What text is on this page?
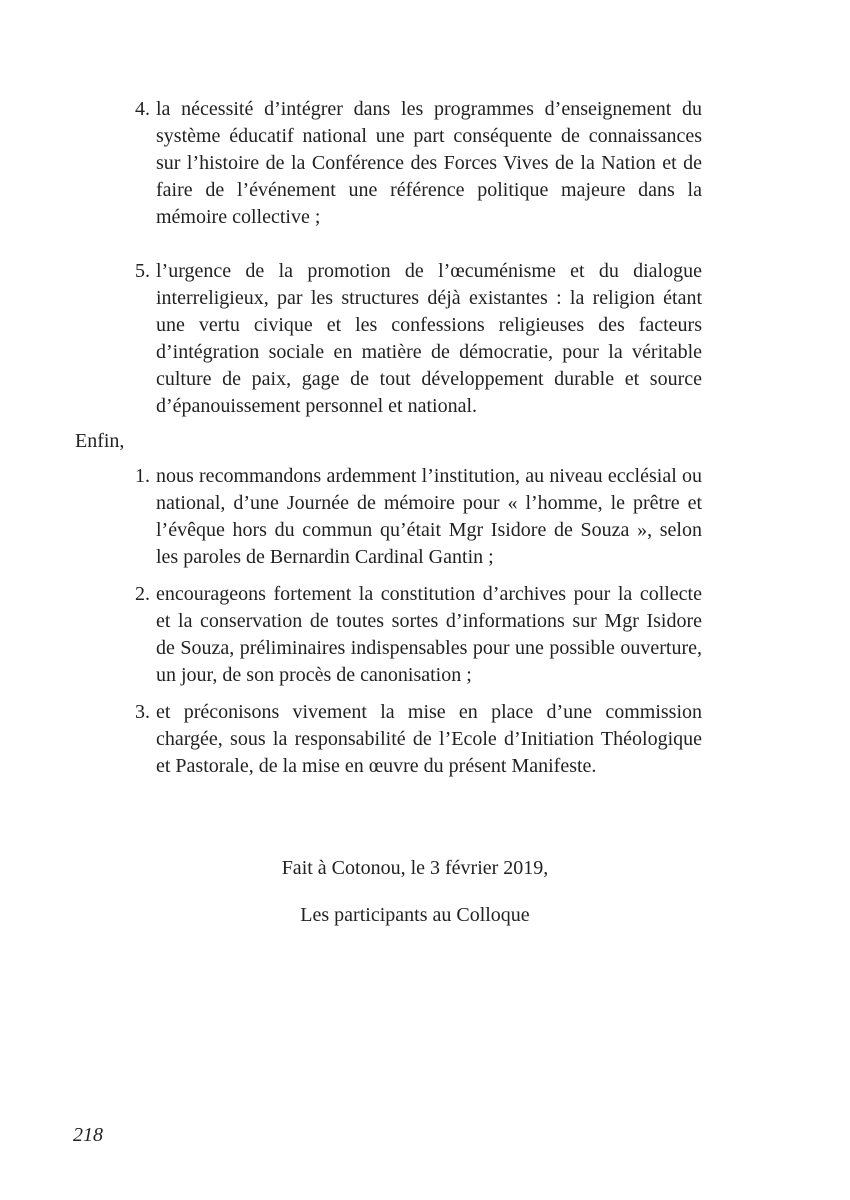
4. la nécessité d’intégrer dans les programmes d’enseignement du système éducatif national une part conséquente de connaissances sur l’histoire de la Conférence des Forces Vives de la Nation et de faire de l’événement une référence politique majeure dans la mémoire collective ;
5. l’urgence de la promotion de l’œcuménisme et du dialogue interreligieux, par les structures déjà existantes : la religion étant une vertu civique et les confessions religieuses des facteurs d’intégration sociale en matière de démocratie, pour la véritable culture de paix, gage de tout développement durable et source d’épanouissement personnel et national.
Enfin,
1. nous recommandons ardemment l’institution, au niveau ecclésial ou national, d’une Journée de mémoire pour « l’homme, le prêtre et l’évêque hors du commun qu’était Mgr Isidore de Souza », selon les paroles de Bernardin Cardinal Gantin ;
2. encourageons fortement la constitution d’archives pour la collecte et la conservation de toutes sortes d’informations sur Mgr Isidore de Souza, préliminaires indispensables pour une possible ouverture, un jour, de son procès de canonisation ;
3. et préconisons vivement la mise en place d’une commission chargée, sous la responsabilité de l’Ecole d’Initiation Théologique et Pastorale, de la mise en œuvre du présent Manifeste.
Fait à Cotonou, le 3 février 2019,
Les participants au Colloque
218
